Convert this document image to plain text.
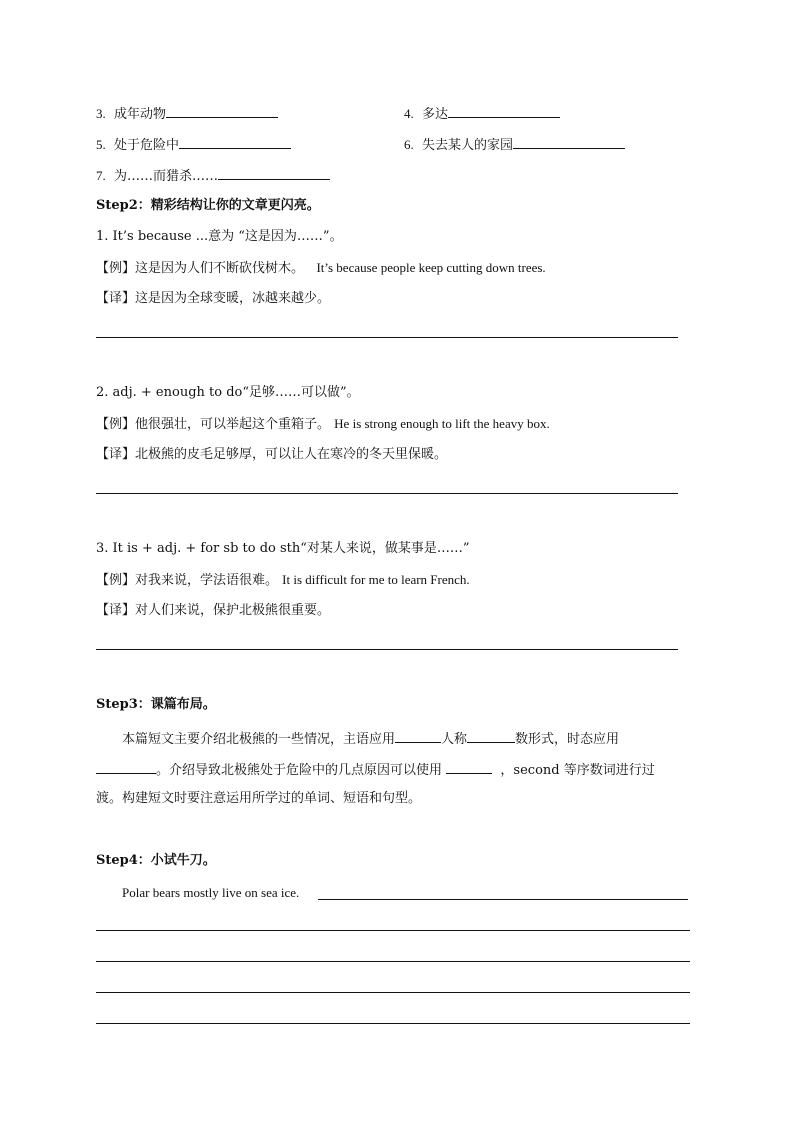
3. 成年动物	4. 多达
5. 处于危险中	6. 失去某人的家园
7. 为……而猎杀……
Step2：精彩结构让你的文章更闪亮。
1. It’s because ...意为 “这是因为……”。
【例】这是因为人们不断砍伐树木。 It’s because people keep cutting down trees.
【译】这是因为全球变暖，冰越来越少。
2. adj. + enough to do“足够……可以做”。
【例】他很强壮，可以举起这个重箱子。 He is strong enough to lift the heavy box.
【译】北极熊的皮毛足够厚，可以让人在寒冷的冬天里保暖。
3. It is + adj. + for sb to do sth“对某人来说，做某事是……”
【例】对我来说，学法语很难。 It is difficult for me to learn French.
【译】对人们来说，保护北极熊很重要。
Step3：课篇布局。
本篇短文主要介绍北极熊的一些情况，主语应用	人称	数形式，时态应用
。介绍导致北极熊处于危险中的几点原因可以使用	，second 等序数词进行过
渡。构建短文时要注意运用所学过的单词、短语和句型。
Step4：小试牛刀。
Polar bears mostly live on sea ice.
